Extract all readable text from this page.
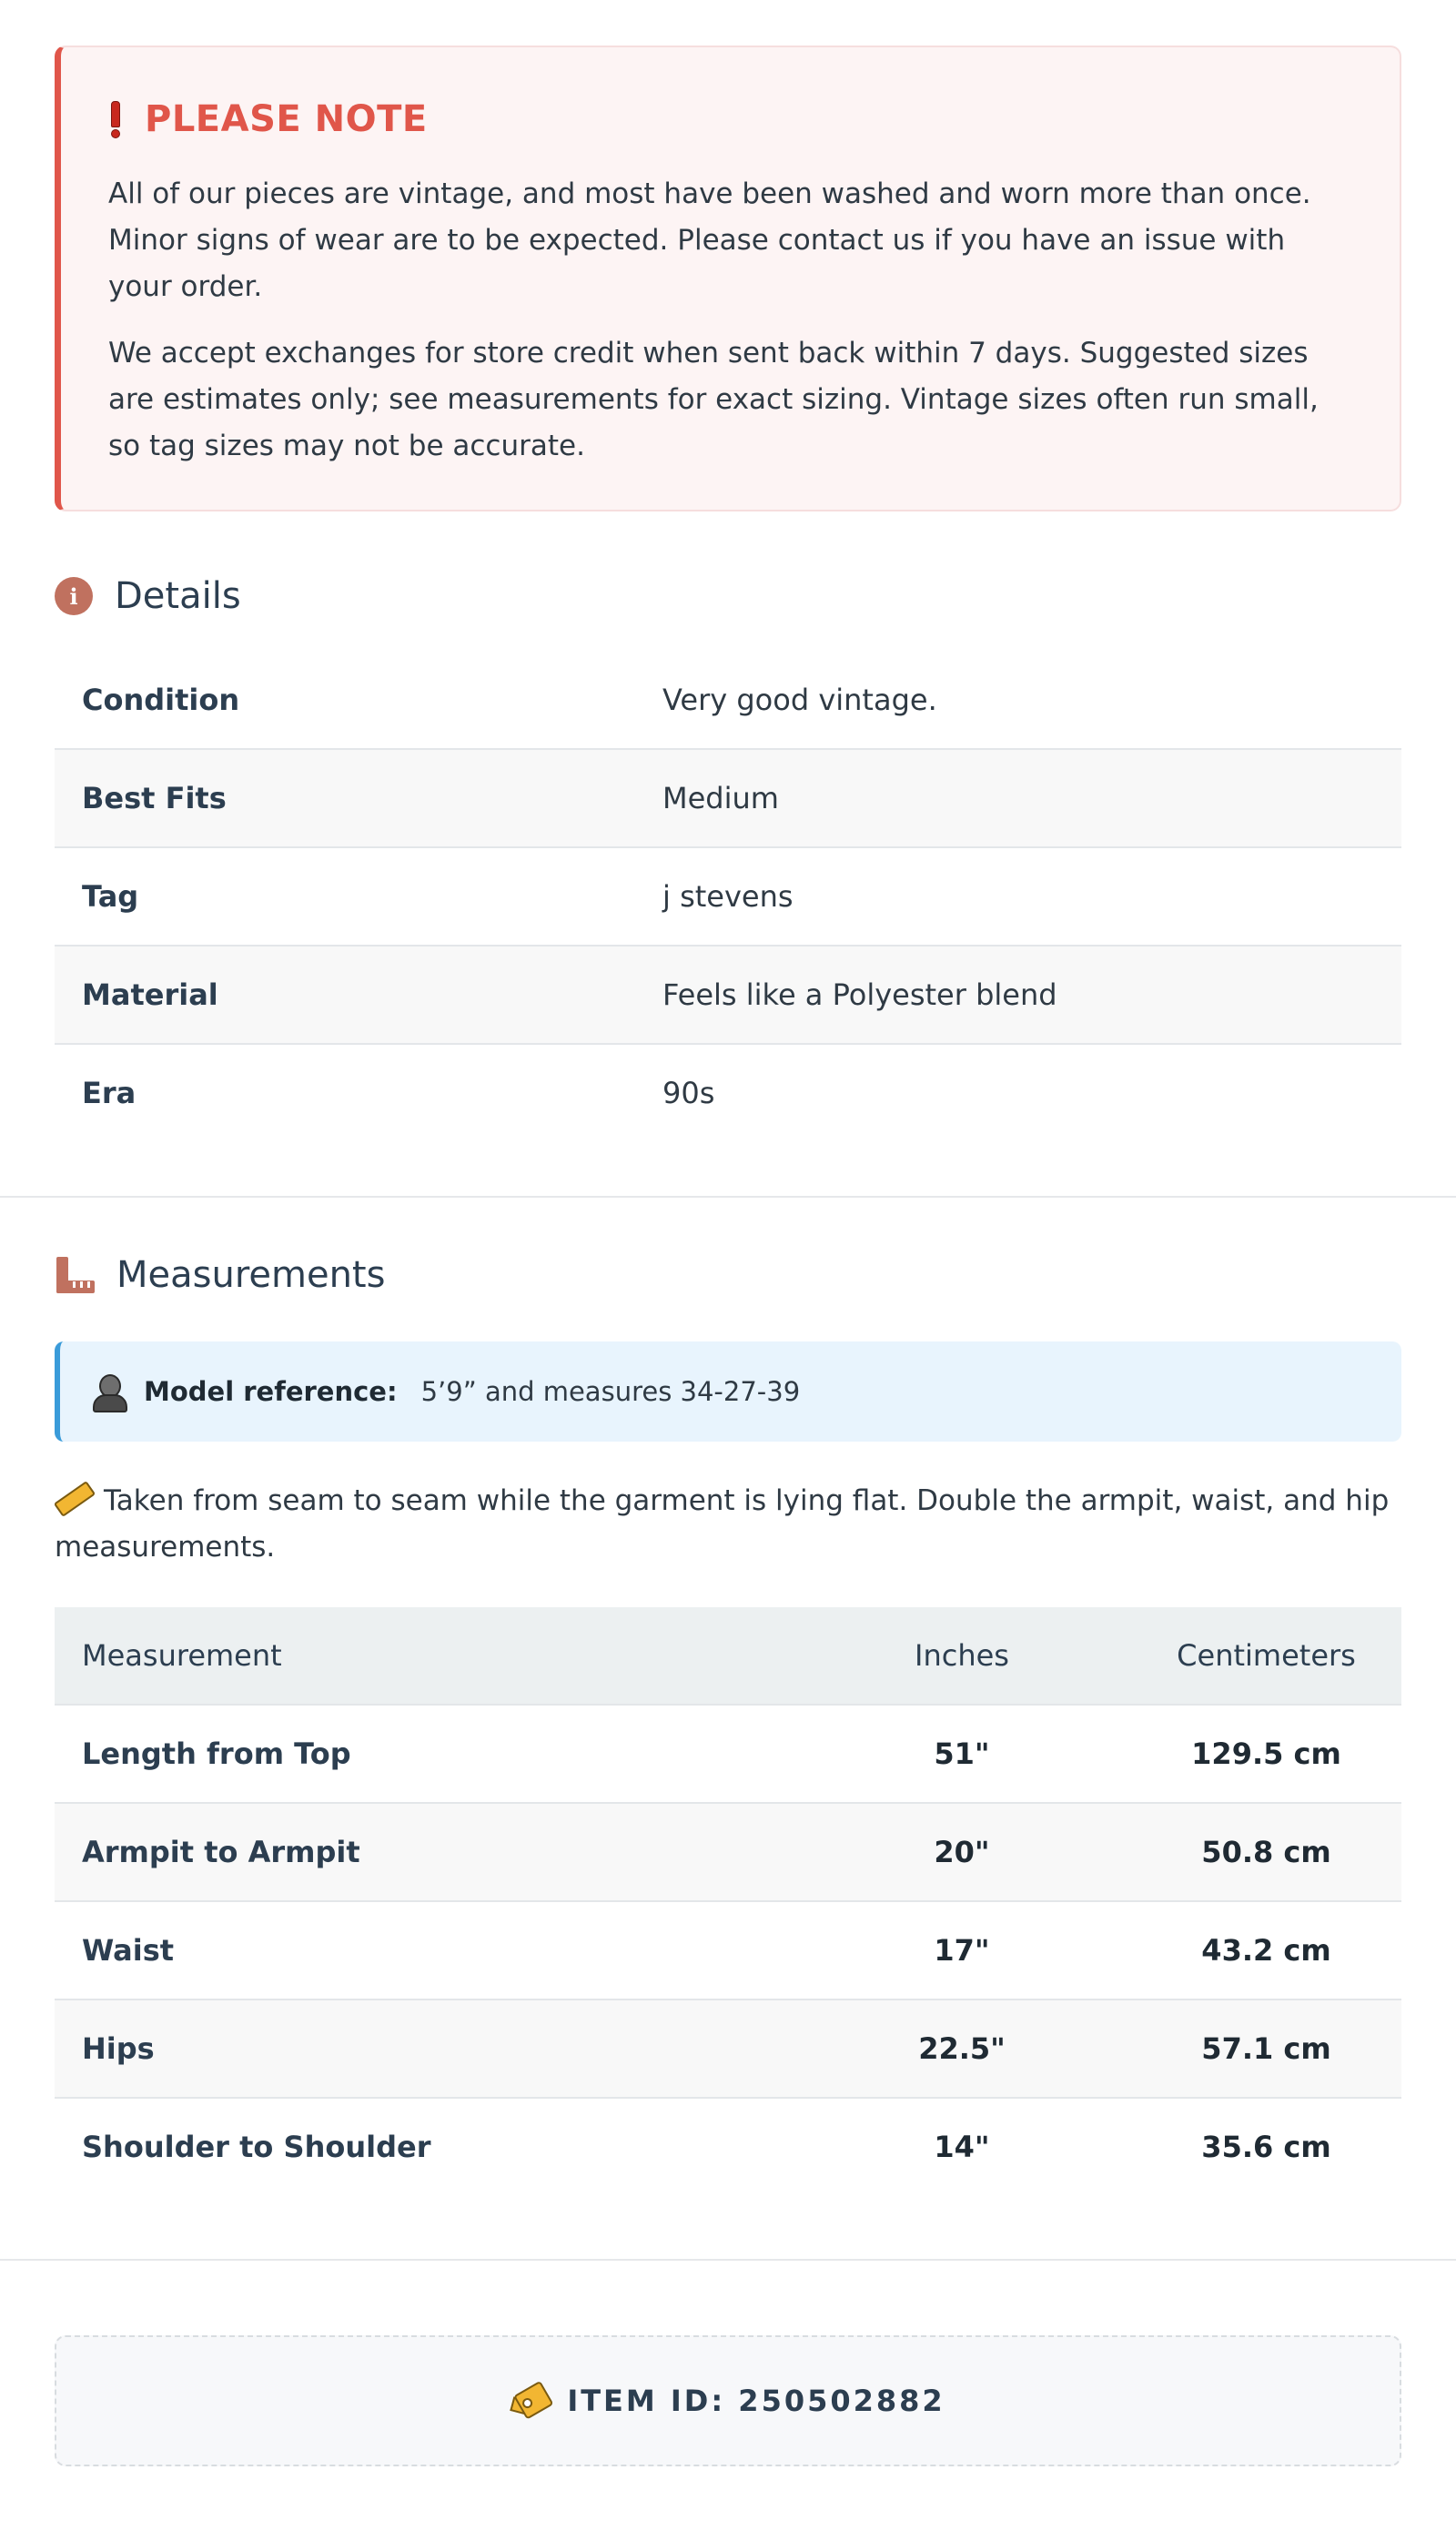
PLEASE NOTE

All of our pieces are vintage, and most have been washed and worn more than once. Minor signs of wear are to be expected. Please contact us if you have an issue with your order.

We accept exchanges for store credit when sent back within 7 days. Suggested sizes are estimates only; see measurements for exact sizing. Vintage sizes often run small, so tag sizes may not be accurate.

i	Details
Condition	Very good vintage.
Best Fits	Medium
Tag	j stevens
Material	Feels like a Polyester blend
Era	90s
Measurements
Model reference: 5’9” and measures 34-27-39

Taken from seam to seam while the garment is lying flat. Double the armpit, waist, and hip measurements.

Measurement	Inches	Centimeters
Length from Top	51"	129.5 cm
Armpit to Armpit	20"	50.8 cm
Waist	17"	43.2 cm
Hips	22.5"	57.1 cm
Shoulder to Shoulder	14"	35.6 cm
ITEM ID: 250502882
